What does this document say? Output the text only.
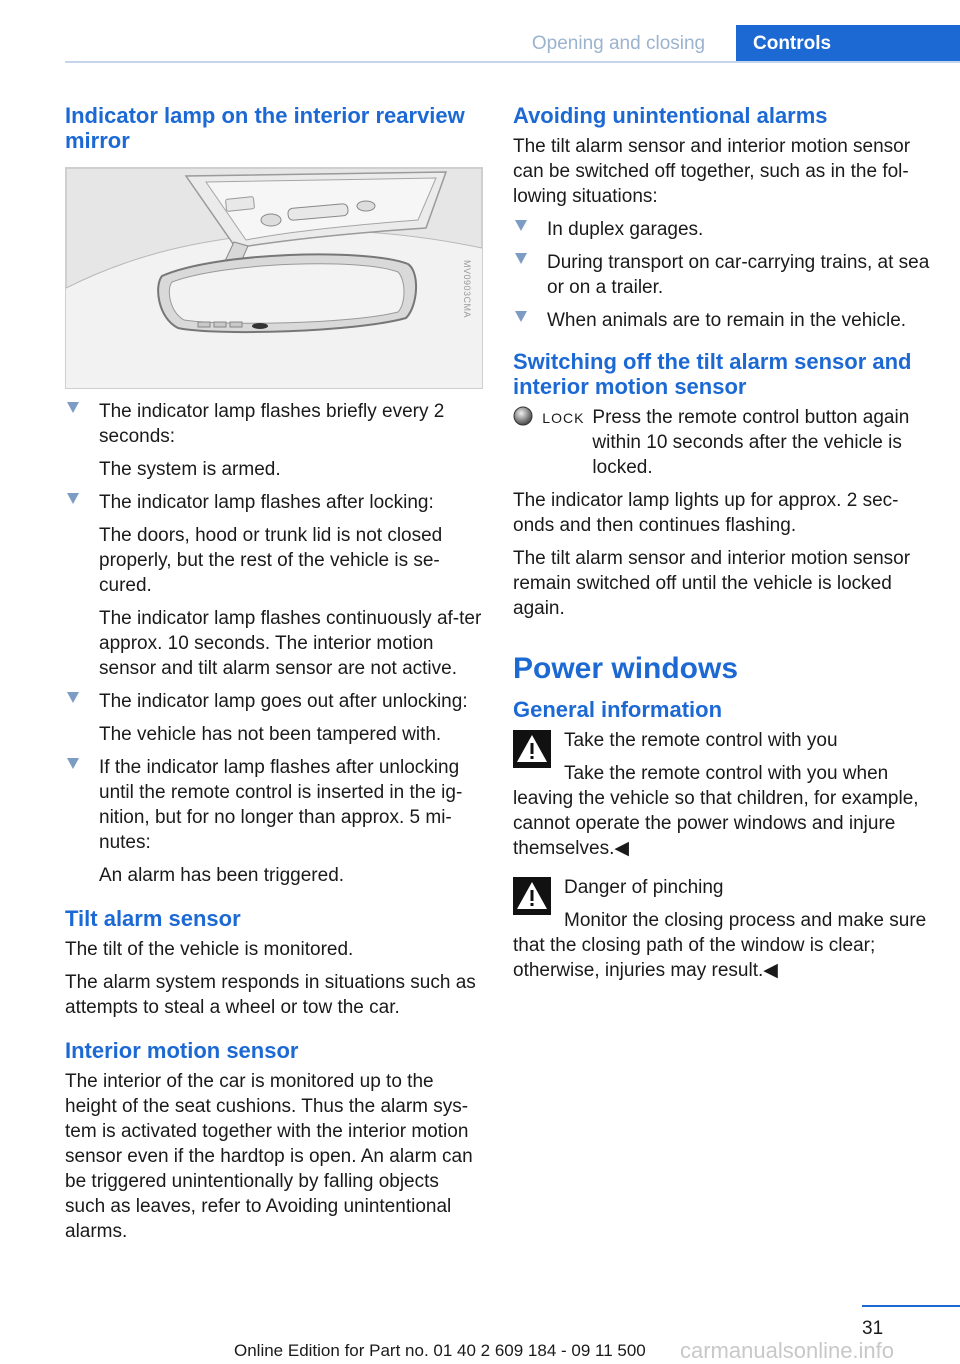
Opening and closing	Controls
Indicator lamp on the interior rearview mirror
MV0903CMA
The indicator lamp flashes briefly every 2 seconds:
The system is armed.
The indicator lamp flashes after locking:
The doors, hood or trunk lid is not closed properly, but the rest of the vehicle is se‐cured.
The indicator lamp flashes continuously af‐ter approx. 10 seconds. The interior motion sensor and tilt alarm sensor are not active.
The indicator lamp goes out after unlocking:
The vehicle has not been tampered with.
If the indicator lamp flashes after unlocking until the remote control is inserted in the ig‐nition, but for no longer than approx. 5 mi‐nutes:
An alarm has been triggered.
Tilt alarm sensor

The tilt of the vehicle is monitored.

The alarm system responds in situations such as attempts to steal a wheel or tow the car.

Interior motion sensor

The interior of the car is monitored up to the height of the seat cushions. Thus the alarm sys‐tem is activated together with the interior motion sensor even if the hardtop is open. An alarm can be triggered unintentionally by falling objects such as leaves, refer to Avoiding unintentional alarms.

Avoiding unintentional alarms

The tilt alarm sensor and interior motion sensor can be switched off together, such as in the fol‐lowing situations:

In duplex garages.
During transport on car-carrying trains, at sea or on a trailer.
When animals are to remain in the vehicle.
Switching off the tilt alarm sensor and interior motion sensor

LOCK Press the remote control button again within 10 seconds after the vehicle is locked.

The indicator lamp lights up for approx. 2 sec‐onds and then continues flashing.

The tilt alarm sensor and interior motion sensor remain switched off until the vehicle is locked again.

Power windows
General information
Take the remote control with you
Take the remote control with you when leaving the vehicle so that children, for example, cannot operate the power windows and injure themselves.◀
Danger of pinching
Monitor the closing process and make sure that the closing path of the window is clear; otherwise, injuries may result.◀
31
Online Edition for Part no. 01 40 2 609 184 - 09 11 500 carmanualsonline.info
